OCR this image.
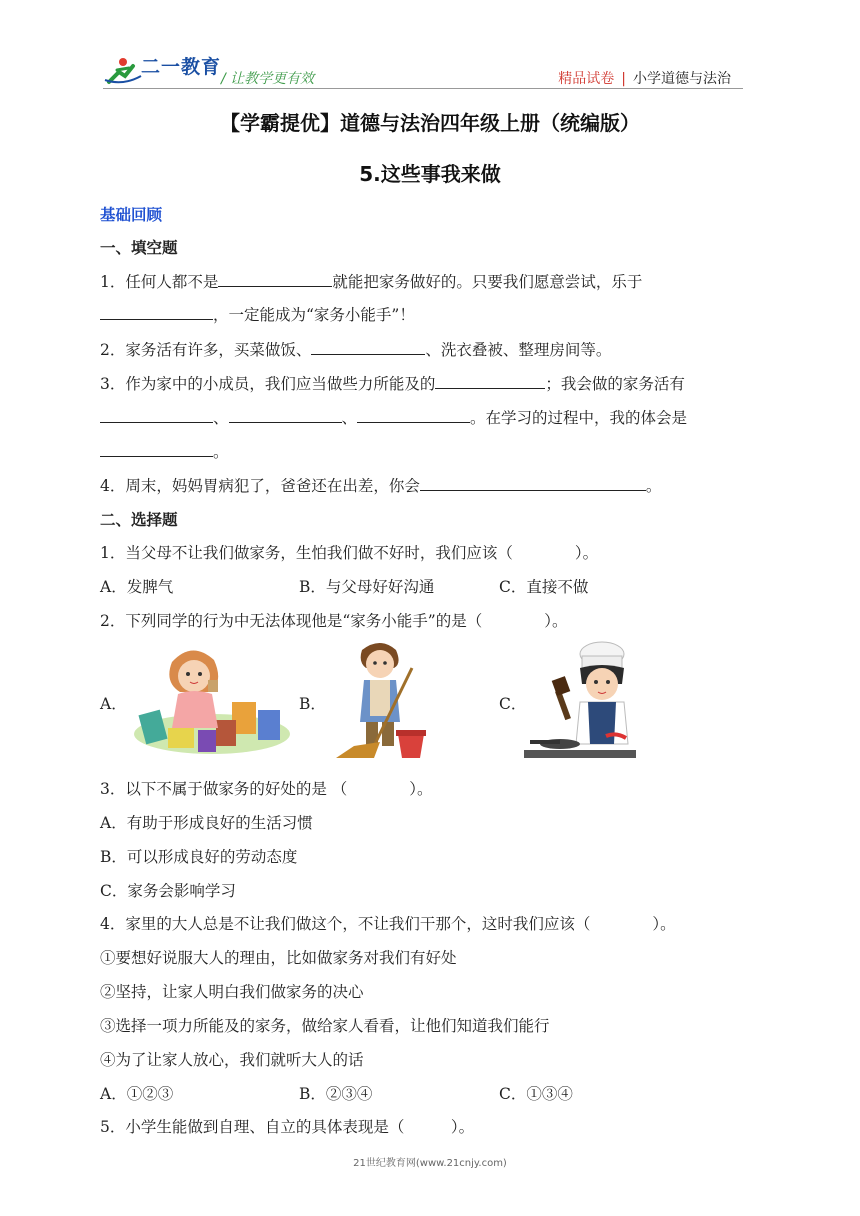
二一教育
/ 让教学更有效	精品试卷 | 小学道德与法治
【学霸提优】道德与法治四年级上册（统编版）
5.这些事我来做
基础回顾
一、填空题
1．任何人都不是	就能把家务做好的。只要我们愿意尝试，乐于
，一定能成为“家务小能手”！
2．家务活有许多，买菜做饭、	、洗衣叠被、整理房间等。
3．作为家中的小成员，我们应当做些力所能及的	；我会做的家务活有
、	、	。在学习的过程中，我的体会是
。
4．周末，妈妈胃病犯了，爸爸还在出差，你会	。
二、选择题
1．当父母不让我们做家务，生怕我们做不好时，我们应该（　　　　）。
A．发脾气	B．与父母好好沟通	C．直接不做
2．下列同学的行为中无法体现他是“家务小能手”的是（　　　　）。
A．	B．	C．
3．以下不属于做家务的好处的是 （　　　　）。
A．有助于形成良好的生活习惯
B．可以形成良好的劳动态度
C．家务会影响学习
4．家里的大人总是不让我们做这个，不让我们干那个，这时我们应该（　　　　）。
①要想好说服大人的理由，比如做家务对我们有好处
②坚持，让家人明白我们做家务的决心
③选择一项力所能及的家务，做给家人看看，让他们知道我们能行
④为了让家人放心，我们就听大人的话
A．①②③	B．②③④	C．①③④
5．小学生能做到自理、自立的具体表现是（　　　）。
21世纪教育网(www.21cnjy.com)
